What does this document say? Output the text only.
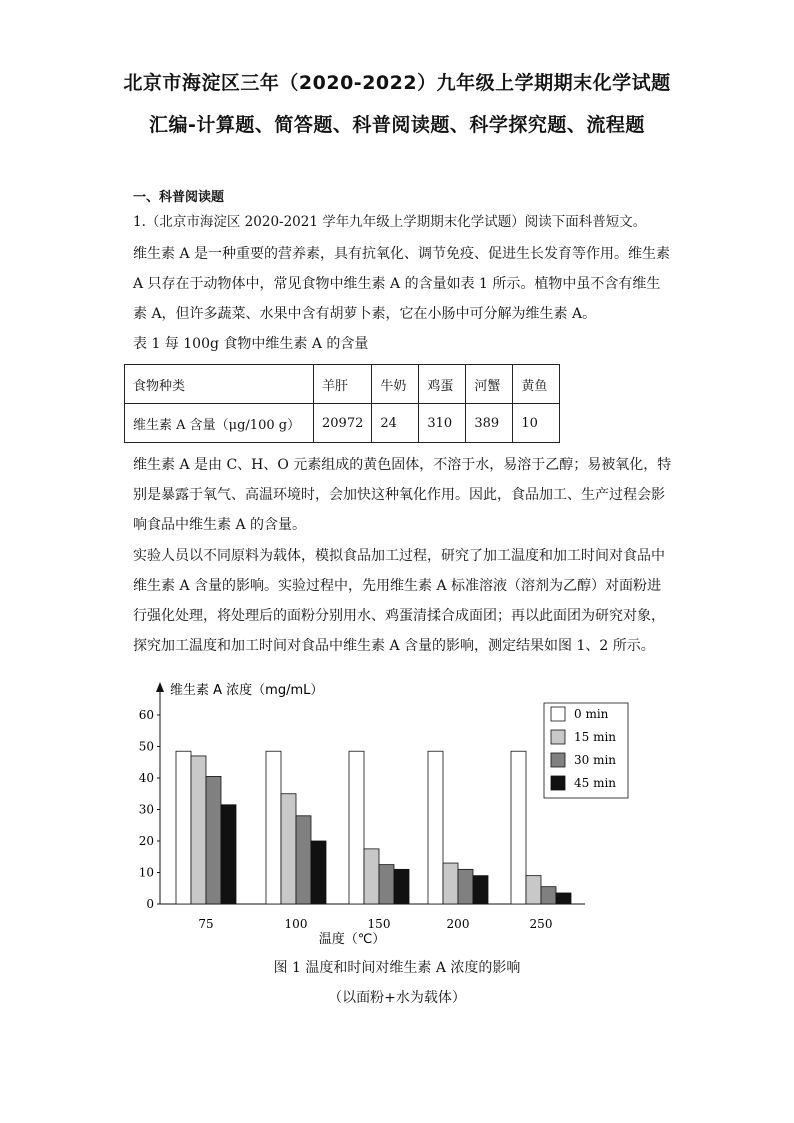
北京市海淀区三年（2020-2022）九年级上学期期末化学试题
汇编-计算题、简答题、科普阅读题、科学探究题、流程题
一、科普阅读题
1.（北京市海淀区 2020-2021 学年九年级上学期期末化学试题）阅读下面科普短文。
维生素 A 是一种重要的营养素，具有抗氧化、调节免疫、促进生长发育等作用。维生素 A 只存在于动物体中，常见食物中维生素 A 的含量如表 1 所示。植物中虽不含有维生素 A，但许多蔬菜、水果中含有胡萝卜素，它在小肠中可分解为维生素 A。
表 1 每 100g 食物中维生素 A 的含量
食物种类	羊肝	牛奶	鸡蛋	河蟹	黄鱼
维生素 A 含量（μg/100 g）	20972	24	310	389	10
维生素 A 是由 C、H、O 元素组成的黄色固体，不溶于水，易溶于乙醇；易被氧化，特别是暴露于氧气、高温环境时，会加快这种氧化作用。因此，食品加工、生产过程会影响食品中维生素 A 的含量。
实验人员以不同原料为载体，模拟食品加工过程，研究了加工温度和加工时间对食品中维生素 A 含量的影响。实验过程中，先用维生素 A 标准溶液（溶剂为乙醇）对面粉进行强化处理，将处理后的面粉分别用水、鸡蛋清揉合成面团；再以此面团为研究对象，探究加工温度和加工时间对食品中维生素 A 含量的影响，测定结果如图 1、2 所示。
0
10
20
30
40
50
60
维生素 A 浓度（mg/mL）
75	100	150	200	250
温度（℃）
0 min
15 min
30 min
45 min
图 1 温度和时间对维生素 A 浓度的影响
（以面粉+水为载体）
